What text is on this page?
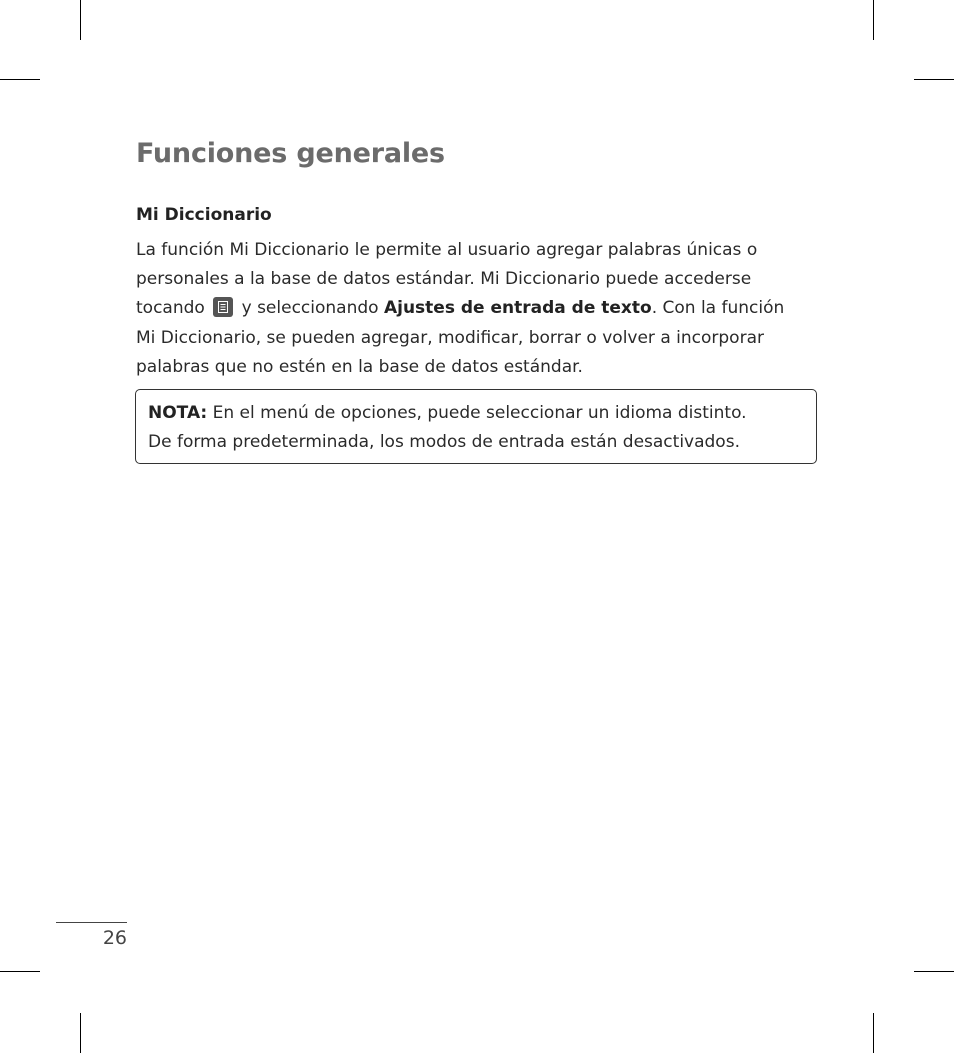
Funciones generales
Mi Diccionario
La función Mi Diccionario le permite al usuario agregar palabras únicas o
personales a la base de datos estándar. Mi Diccionario puede accederse
tocando y seleccionando Ajustes de entrada de texto. Con la función
Mi Diccionario, se pueden agregar, modificar, borrar o volver a incorporar
palabras que no estén en la base de datos estándar.
NOTA: En el menú de opciones, puede seleccionar un idioma distinto.
De forma predeterminada, los modos de entrada están desactivados.
26
